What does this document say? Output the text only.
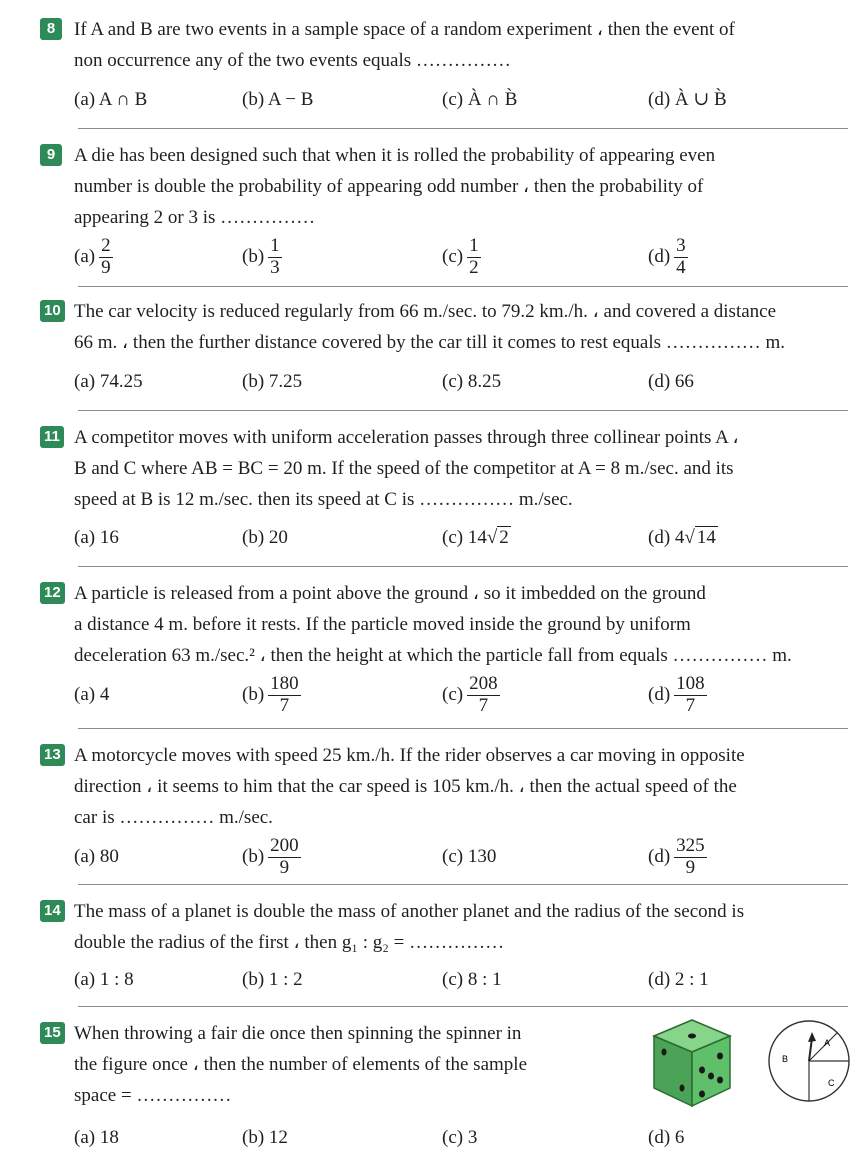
8 If A and B are two events in a sample space of a random experiment ، then the event of
non occurrence any of the two events equals ……………
(a) A ∩ B	(b) A − B	(c) À ∩ B̀	(d) À ∪ B̀
9 A die has been designed such that when it is rolled the probability of appearing even
number is double the probability of appearing odd number ، then the probability of
appearing 2 or 3 is ……………
$(a) \frac{2}{9}$	$(b) \frac{1}{3}$	$(c) \frac{1}{2}$	$(d) \frac{3}{4}$
10 The car velocity is reduced regularly from 66 m./sec. to 79.2 km./h. ، and covered a distance
66 m. ، then the further distance covered by the car till it comes to rest equals …………… m.
(a) 74.25	(b) 7.25	(c) 8.25	(d) 66
11 A competitor moves with uniform acceleration passes through three collinear points A ،
B and C where AB = BC = 20 m. If the speed of the competitor at A = 8 m./sec. and its
speed at B is 12 m./sec. then its speed at C is …………… m./sec.
(a) 16	(b) 20	(c) 14√ 2	(d) 4√ 14
12 A particle is released from a point above the ground ، so it imbedded on the ground
a distance 4 m. before it rests. If the particle moved inside the ground by uniform
deceleration 63 m./sec.² ، then the height at which the particle fall from equals …………… m.
(a) 4	$(b) \frac{180}{7}$	$(c) \frac{208}{7}$	$(d) \frac{108}{7}$
13 A motorcycle moves with speed 25 km./h. If the rider observes a car moving in opposite
direction ، it seems to him that the car speed is 105 km./h. ، then the actual speed of the
car is …………… m./sec.
(a) 80	$(b) \frac{200}{9}$	(c) 130	$(d) \frac{325}{9}$
14 The mass of a planet is double the mass of another planet and the radius of the second is
double the radius of the first ، then g₁ : g₂ = ……………
(a) 1 : 8	(b) 1 : 2	(c) 8 : 1	(d) 2 : 1
15 When throwing a fair die once then spinning the spinner in
the figure once ، then the number of elements of the sample
space = ……………
(a) 18	(b) 12	(c) 3	(d) 6
A
B
C
